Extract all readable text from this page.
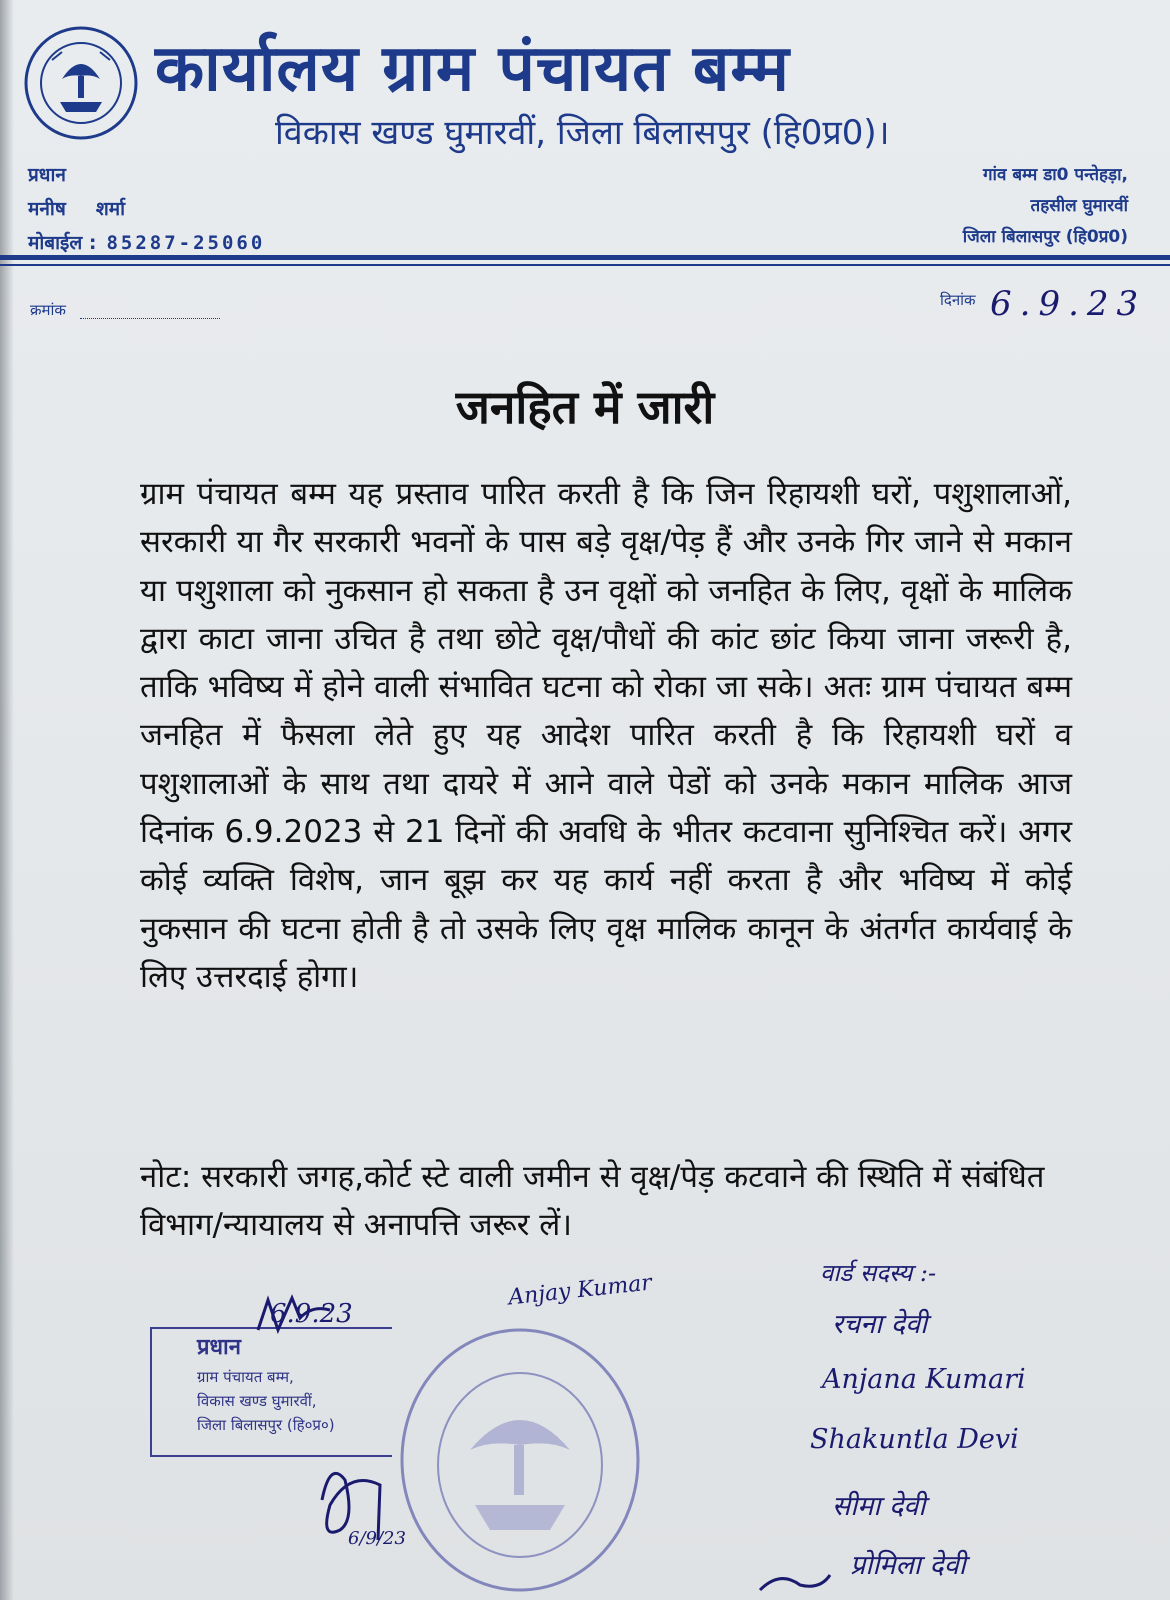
कार्यालय ग्राम पंचायत बम्म
विकास खण्ड घुमारवीं, जिला बिलासपुर (हि0प्र0)।
प्रधान
मनीष शर्मा
मोबाईल : 85287-25060
गांव बम्म डा0 पन्तेहड़ा,
तहसील घुमारवीं
जिला बिलासपुर (हि0प्र0)
क्रमांक
दिनांक 6.9.23
जनहित में जारी
ग्राम पंचायत बम्म यह प्रस्ताव पारित करती है कि जिन रिहायशी घरों, पशुशालाओं, सरकारी या गैर सरकारी भवनों के पास बड़े वृक्ष/पेड़ हैं और उनके गिर जाने से मकान या पशुशाला को नुकसान हो सकता है उन वृक्षों को जनहित के लिए, वृक्षों के मालिक द्वारा काटा जाना उचित है तथा छोटे वृक्ष/पौधों की कांट छांट किया जाना जरूरी है, ताकि भविष्य में होने वाली संभावित घटना को रोका जा सके। अतः ग्राम पंचायत बम्म जनहित में फैसला लेते हुए यह आदेश पारित करती है कि रिहायशी घरों व पशुशालाओं के साथ तथा दायरे में आने वाले पेडों को उनके मकान मालिक आज दिनांक 6.9.2023 से 21 दिनों की अवधि के भीतर कटवाना सुनिश्चित करें। अगर कोई व्यक्ति विशेष, जान बूझ कर यह कार्य नहीं करता है और भविष्य में कोई नुकसान की घटना होती है तो उसके लिए वृक्ष मालिक कानून के अंतर्गत कार्यवाई के लिए उत्तरदाई होगा।
नोट: सरकारी जगह,कोर्ट स्टे वाली जमीन से वृक्ष/पेड़ कटवाने की स्थिति में संबंधित विभाग/न्यायालय से अनापत्ति जरूर लें।
6.9.23
प्रधान
ग्राम पंचायत बम्म,
विकास खण्ड घुमारवीं,
जिला बिलासपुर (हि०प्र०)
Anjay Kumar
6/9/23
वार्ड सदस्य :-
रचना देवी
Anjana Kumari
Shakuntla Devi
सीमा देवी
प्रोमिला देवी
